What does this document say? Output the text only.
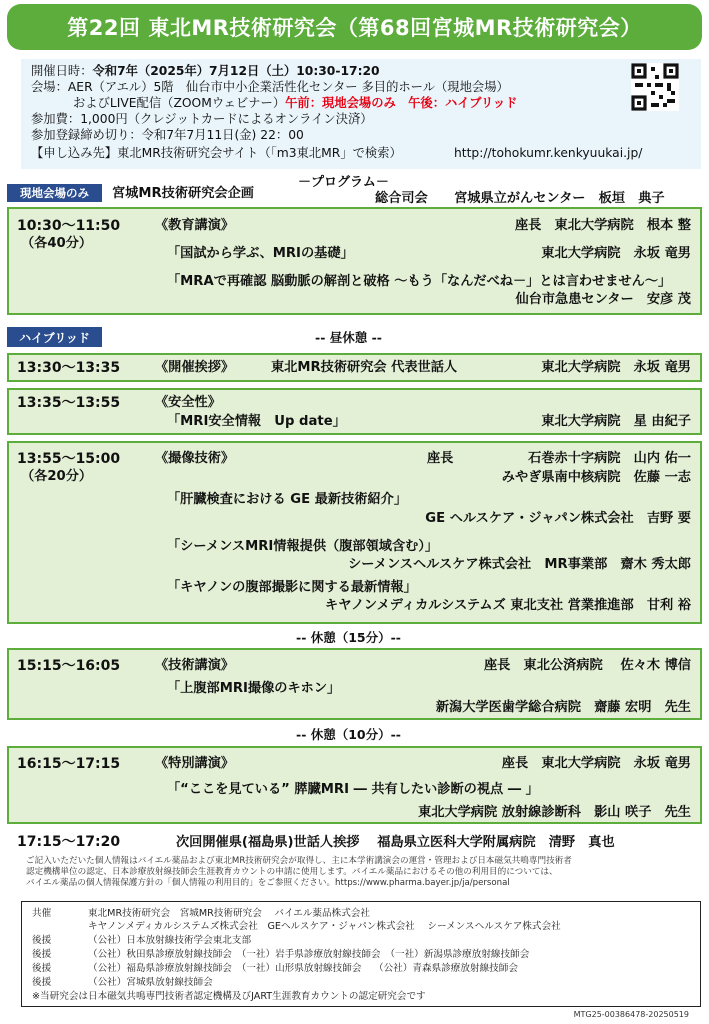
第22回 東北MR技術研究会（第68回宮城MR技術研究会）
開催日時：令和7年（2025年）7月12日（土）10:30-17:20
会場：AER（アエル）5階　仙台市中小企業活性化センター 多目的ホール（現地会場）
およびLIVE配信（ZOOMウェビナー）午前：現地会場のみ　午後：ハイブリッド
参加費：1,000円（クレジットカードによるオンライン決済）
参加登録締め切り：令和7年7月11日(金) 22：00
【申し込み先】東北MR技術研究会サイト（「m3東北MR」で検索）	http://tohokumr.kenkyuukai.jp/
－プログラム－
現地会場のみ 宮城MR技術研究会企画	総合司会　　宮城県立がんセンター　板垣　典子
10:30～11:50
（各40分）
《教育講演》	座長　東北大学病院　根本 整
「国試から学ぶ、MRIの基礎」	東北大学病院　永坂 竜男
「MRAで再確認 脳動脈の解剖と破格 ～もう「なんだべね－」とは言わせません～」
仙台市急患センター　安彦 茂
ハイブリッド	-- 昼休憩 --
13:30～13:35	《開催挨拶》	東北MR技術研究会 代表世話人	東北大学病院　永坂 竜男
13:35～13:55	《安全性》
「MRI安全情報　Up date」	東北大学病院　星 由紀子
13:55～15:00
（各20分）
《撮像技術》	座長	石巻赤十字病院　山内 佑一
みやぎ県南中核病院　佐藤 一志
「肝臓検査における GE 最新技術紹介」
GE ヘルスケア・ジャパン株式会社　吉野 要
「シーメンスMRI情報提供（腹部領域含む）」
シーメンスヘルスケア株式会社　MR事業部　齋木 秀太郎
「キヤノンの腹部撮影に関する最新情報」
キヤノンメディカルシステムズ 東北支社 営業推進部　甘利 裕
-- 休憩（15分）--
15:15～16:05	《技術講演》	座長　東北公済病院　 佐々木 博信
「上腹部MRI撮像のキホン」
新潟大学医歯学総合病院　齋藤 宏明　先生
-- 休憩（10分）--
16:15～17:15	《特別講演》	座長　東北大学病院　永坂 竜男
「“ここを見ている” 膵臓MRI ― 共有したい診断の視点 ― 」
東北大学病院 放射線診断科　影山 咲子　先生
17:15～17:20	次回開催県(福島県)世話人挨拶　 福島県立医科大学附属病院　清野　真也
ご記入いただいた個人情報はバイエル薬品および東北MR技術研究会が取得し、主に本学術講演会の運営・管理および日本磁気共鳴専門技術者
認定機構単位の認定、日本診療放射線技師会生涯教育カウントの申請に使用します。バイエル薬品におけるその他の利用目的については、
バイエル薬品の個人情報保護方針の「個人情報の利用目的」をご参照ください。https://www.pharma.bayer.jp/ja/personal
共催	東北MR技術研究会　宮城MR技術研究会　 バイエル薬品株式会社
キヤノンメディカルシステムズ株式会社　GEヘルスケア・ジャパン株式会社　 シーメンスヘルスケア株式会社
後援	（公社）日本放射線技術学会東北支部
後援	（公社）秋田県診療放射線技師会　（一社）岩手県診療放射線技師会　（一社）新潟県診療放射線技師会
後援	（公社）福島県診療放射線技師会　（一社）山形県放射線技師会　 （公社）青森県診療放射線技師会
後援	（公社）宮城県放射線技師会
※当研究会は日本磁気共鳴専門技術者認定機構及びJART生涯教育カウントの認定研究会です
MTG25-00386478-20250519
